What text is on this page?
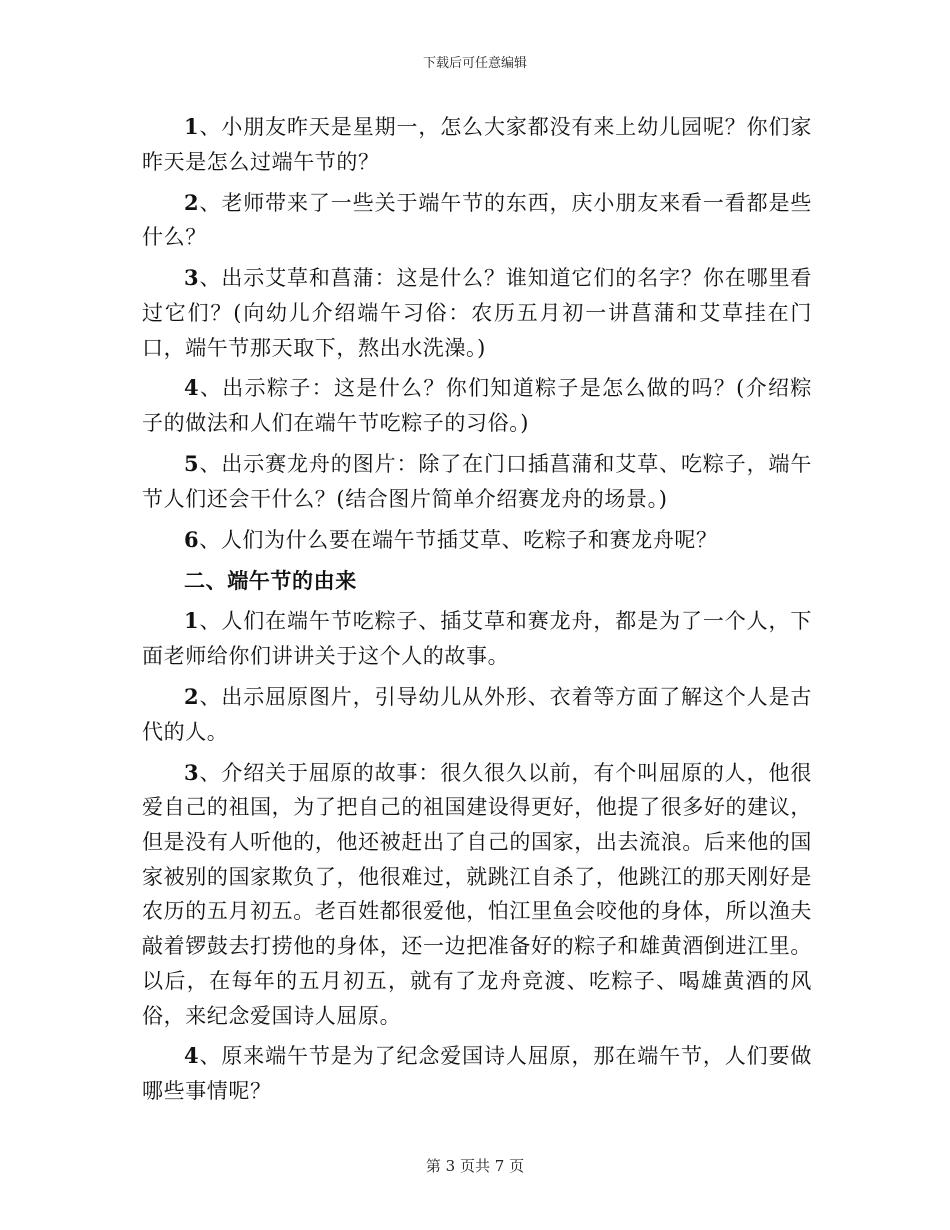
下载后可任意编辑

1、小朋友昨天是星期一，怎么大家都没有来上幼儿园呢？你们家昨天是怎么过端午节的？

2、老师带来了一些关于端午节的东西，庆小朋友来看一看都是些什么？

3、出示艾草和菖蒲：这是什么？谁知道它们的名字？你在哪里看过它们？(向幼儿介绍端午习俗：农历五月初一讲菖蒲和艾草挂在门口，端午节那天取下，熬出水洗澡。)

4、出示粽子：这是什么？你们知道粽子是怎么做的吗？(介绍粽子的做法和人们在端午节吃粽子的习俗。)

5、出示赛龙舟的图片：除了在门口插菖蒲和艾草、吃粽子，端午节人们还会干什么？(结合图片简单介绍赛龙舟的场景。)

6、人们为什么要在端午节插艾草、吃粽子和赛龙舟呢？

二、端午节的由来

1、人们在端午节吃粽子、插艾草和赛龙舟，都是为了一个人，下面老师给你们讲讲关于这个人的故事。

2、出示屈原图片，引导幼儿从外形、衣着等方面了解这个人是古代的人。

3、介绍关于屈原的故事：很久很久以前，有个叫屈原的人，他很爱自己的祖国，为了把自己的祖国建设得更好，他提了很多好的建议，但是没有人听他的，他还被赶出了自己的国家，出去流浪。后来他的国家被别的国家欺负了，他很难过，就跳江自杀了，他跳江的那天刚好是农历的五月初五。老百姓都很爱他，怕江里鱼会咬他的身体，所以渔夫敲着锣鼓去打捞他的身体，还一边把准备好的粽子和雄黄酒倒进江里。以后，在每年的五月初五，就有了龙舟竞渡、吃粽子、喝雄黄酒的风俗，来纪念爱国诗人屈原。

4、原来端午节是为了纪念爱国诗人屈原，那在端午节，人们要做哪些事情呢？

第 3 页共 7 页
